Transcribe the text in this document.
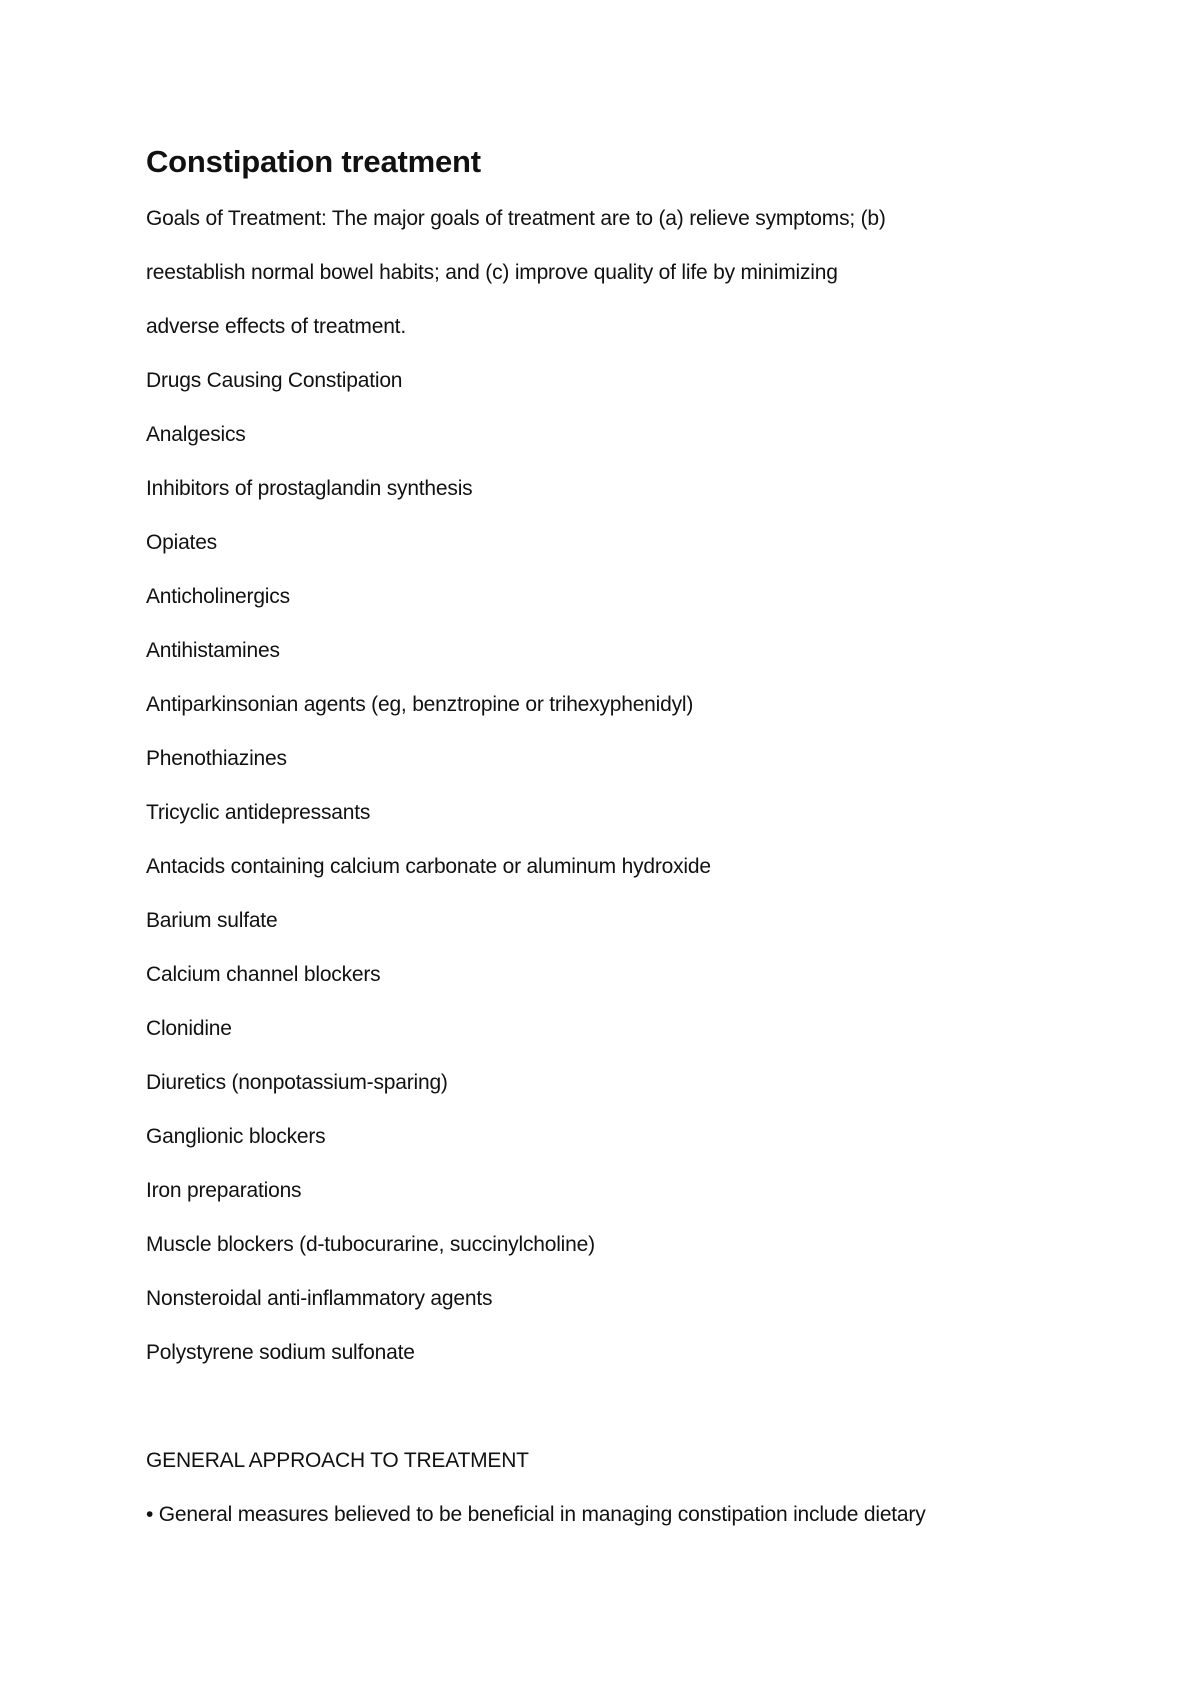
Constipation treatment

Goals of Treatment: The major goals of treatment are to (a) relieve symptoms; (b)

reestablish normal bowel habits; and (c) improve quality of life by minimizing

adverse effects of treatment.

Drugs Causing Constipation

Analgesics

Inhibitors of prostaglandin synthesis

Opiates

Anticholinergics

Antihistamines

Antiparkinsonian agents (eg, benztropine or trihexyphenidyl)

Phenothiazines

Tricyclic antidepressants

Antacids containing calcium carbonate or aluminum hydroxide

Barium sulfate

Calcium channel blockers

Clonidine

Diuretics (nonpotassium-sparing)

Ganglionic blockers

Iron preparations

Muscle blockers (d-tubocurarine, succinylcholine)

Nonsteroidal anti-inflammatory agents

Polystyrene sodium sulfonate

GENERAL APPROACH TO TREATMENT

• General measures believed to be beneficial in managing constipation include dietary
